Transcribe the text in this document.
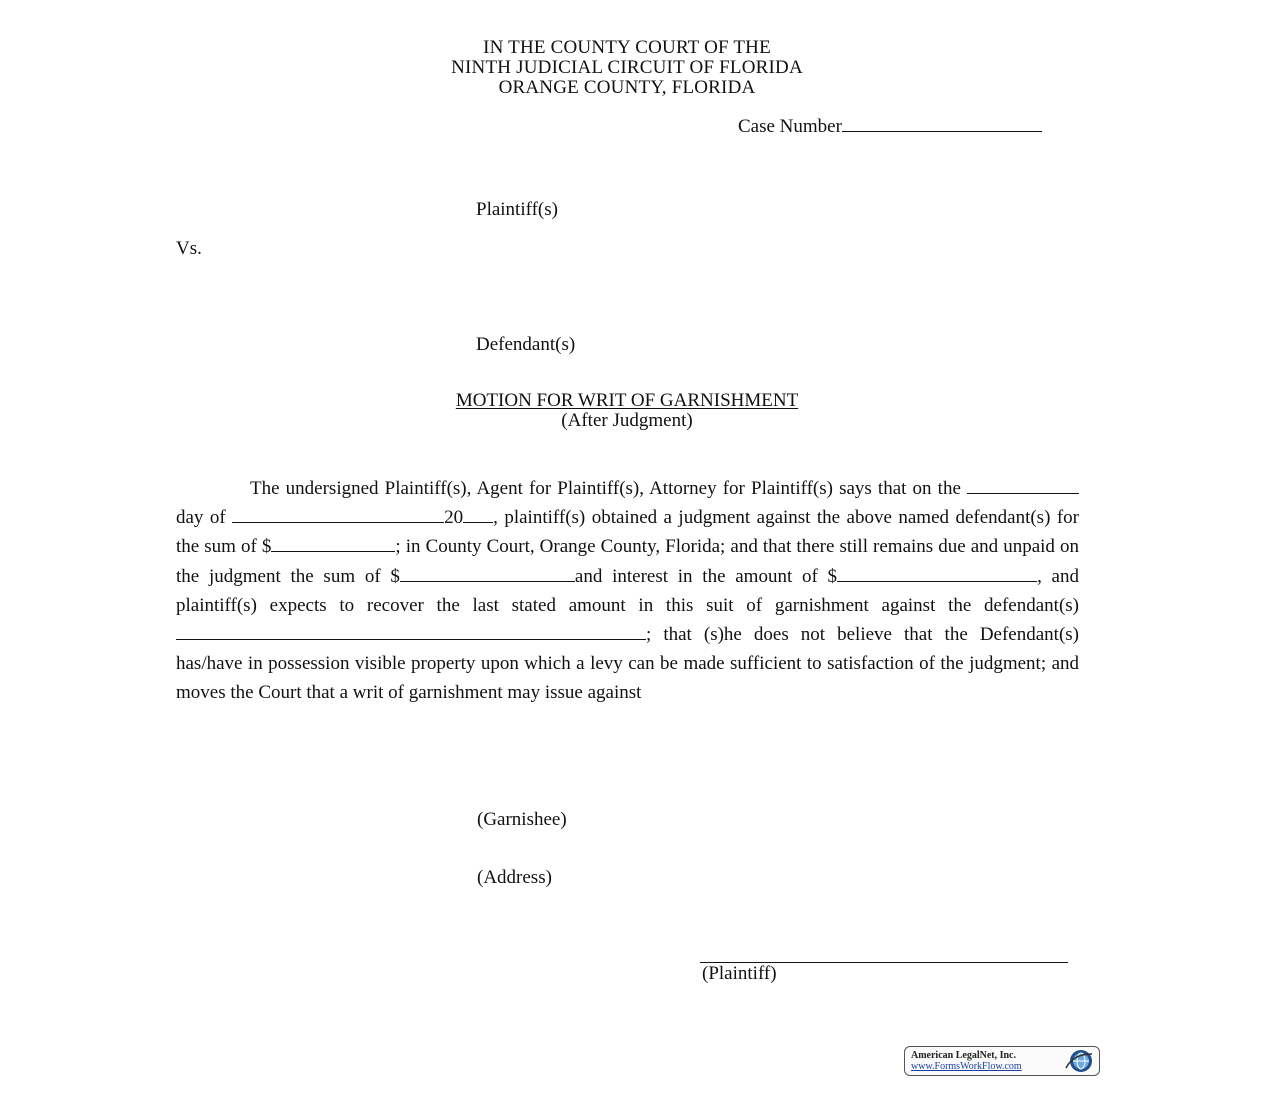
IN THE COUNTY COURT OF THE
NINTH JUDICIAL CIRCUIT OF FLORIDA
ORANGE COUNTY, FLORIDA
Case Number
Plaintiff(s)
Vs.
Defendant(s)
MOTION FOR WRIT OF GARNISHMENT
(After Judgment)

The undersigned Plaintiff(s), Agent for Plaintiff(s), Attorney for Plaintiff(s) says that on the day of	20 , plaintiff(s) obtained a judgment against the above named defendant(s) for the sum of $	; in County Court, Orange County, Florida; and that there still remains due and unpaid on the judgment the sum of $	and interest in the amount of $	, and plaintiff(s) expects to recover the last stated amount in this suit of garnishment against the defendant(s) ; that (s)he does not believe that the Defendant(s) has/have in possession visible property upon which a levy can be made sufficient to satisfaction of the judgment; and moves the Court that a writ of garnishment may issue against

(Garnishee)
(Address)
(Plaintiff)
American LegalNet, Inc.
www.FormsWorkFlow.com
